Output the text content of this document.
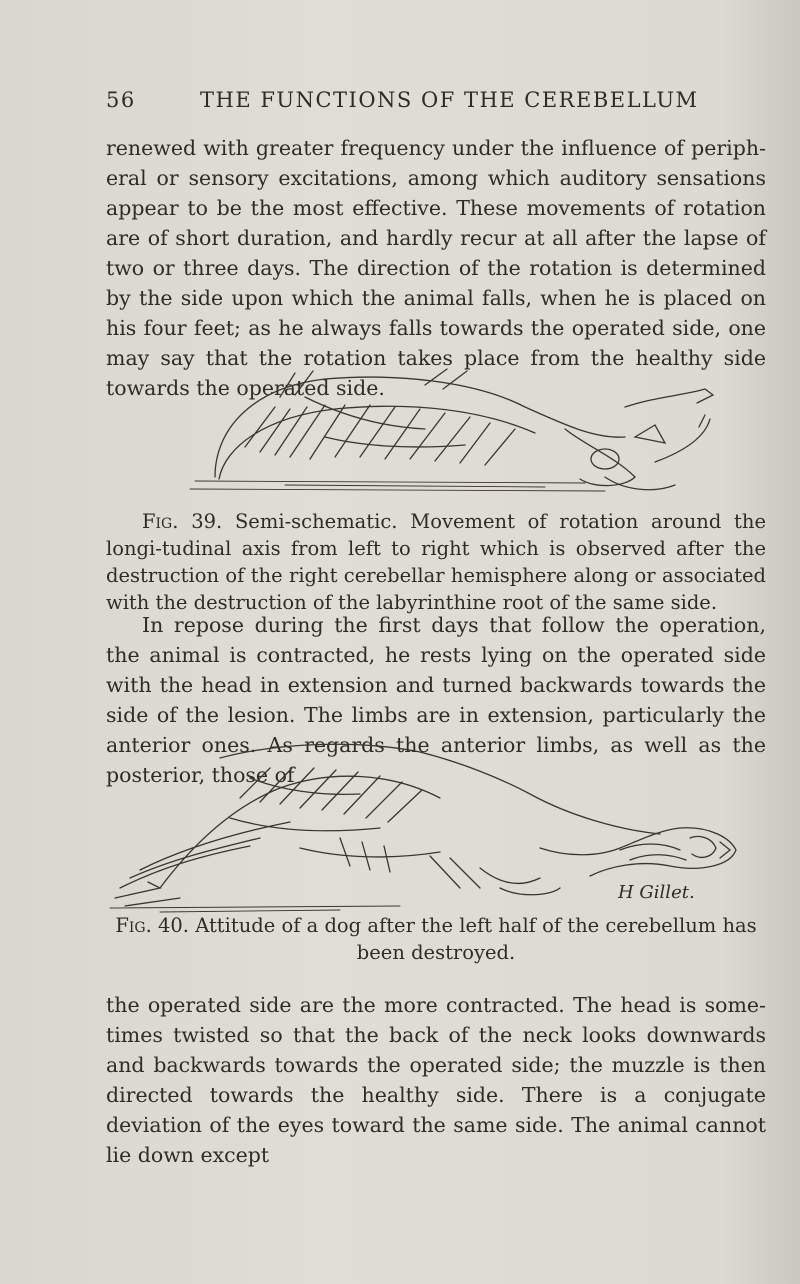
56	THE FUNCTIONS OF THE CEREBELLUM

renewed with greater frequency under the influence of periph-eral or sensory excitations, among which auditory sensations appear to be the most effective. These movements of rotation are of short duration, and hardly recur at all after the lapse of two or three days. The direction of the rotation is determined by the side upon which the animal falls, when he is placed on his four feet; as he always falls towards the operated side, one may say that the rotation takes place from the healthy side towards the operated side.

Fig. 39. Semi-schematic. Movement of rotation around the longi-tudinal axis from left to right which is observed after the destruction of the right cerebellar hemisphere along or associated with the destruction of the labyrinthine root of the same side.

In repose during the first days that follow the operation, the animal is contracted, he rests lying on the operated side with the head in extension and turned backwards towards the side of the lesion. The limbs are in extension, particularly the anterior ones. As regards the anterior limbs, as well as the posterior, those of

H Gillet.

Fig. 40. Attitude of a dog after the left half of the cerebellum has been destroyed.

the operated side are the more contracted. The head is some-times twisted so that the back of the neck looks downwards and backwards towards the operated side; the muzzle is then directed towards the healthy side. There is a conjugate deviation of the eyes toward the same side. The animal cannot lie down except
